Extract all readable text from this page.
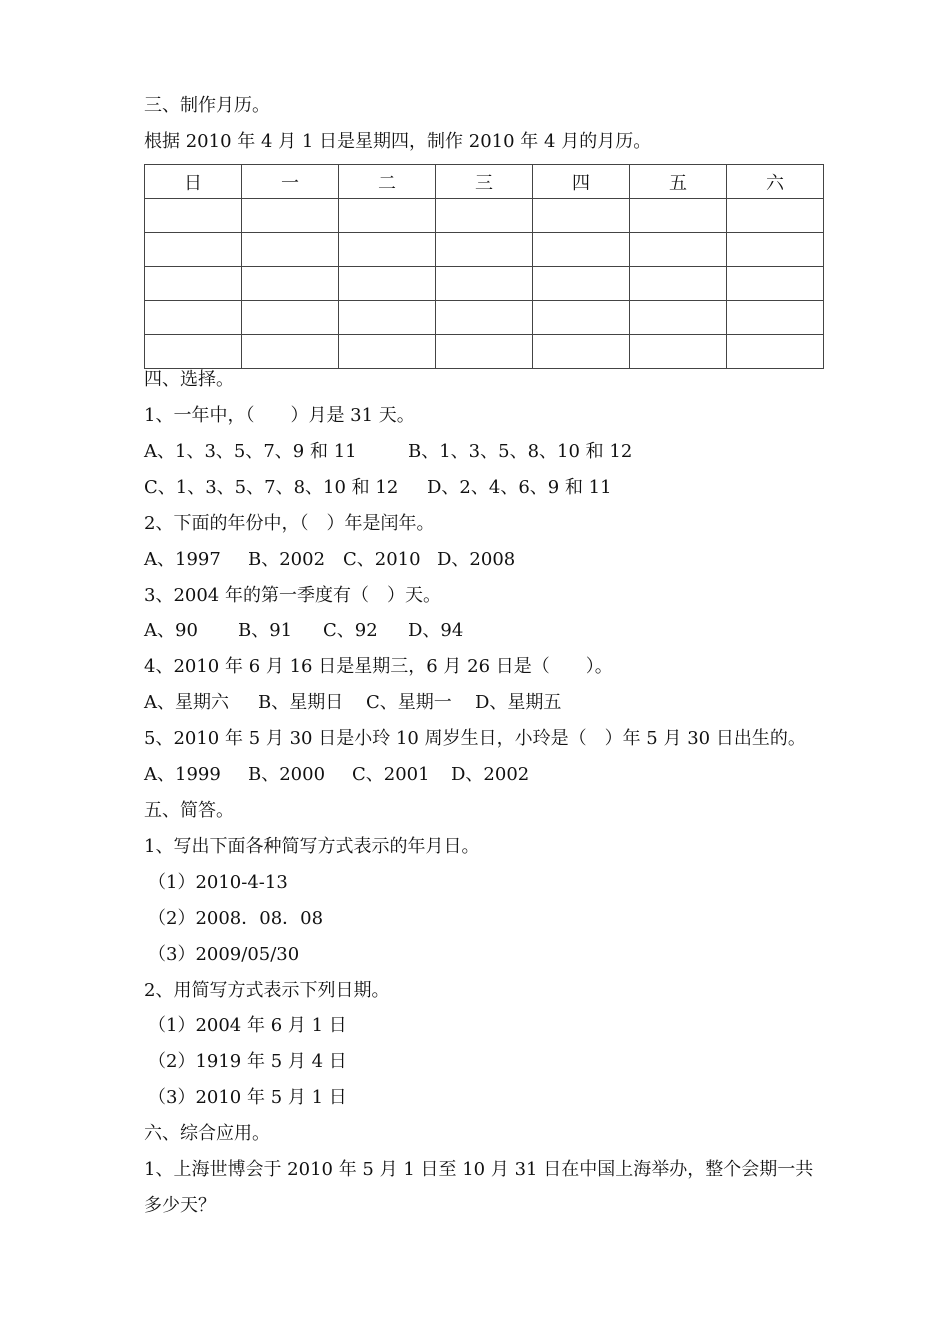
三、制作月历。
根据 2010 年 4 月 1 日是星期四，制作 2010 年 4 月的月历。
日	一	二	三	四	五	六

四、选择。
1、一年中，（　　）月是 31 天。
A、1、3、5、7、9 和 11	B、1、3、5、8、10 和 12
C、1、3、5、7、8、10 和 12 D、2、4、6、9 和 11
2、下面的年份中，（　）年是闰年。
A、1997 B、2002 C、2010 D、2008
3、2004 年的第一季度有（　）天。
A、90 B、91 C、92 D、94
4、2010 年 6 月 16 日是星期三，6 月 26 日是（　　）。
A、星期六 B、星期日 C、星期一 D、星期五
5、2010 年 5 月 30 日是小玲 10 周岁生日，小玲是（　）年 5 月 30 日出生的。
A、1999 B、2000 C、2001 D、2002
五、简答。
1、写出下面各种简写方式表示的年月日。
（1）2010-4-13
（2）2008．08．08
（3）2009/05/30
2、用简写方式表示下列日期。
（1）2004 年 6 月 1 日
（2）1919 年 5 月 4 日
（3）2010 年 5 月 1 日
六、综合应用。
1、上海世博会于 2010 年 5 月 1 日至 10 月 31 日在中国上海举办，整个会期一共
多少天？
